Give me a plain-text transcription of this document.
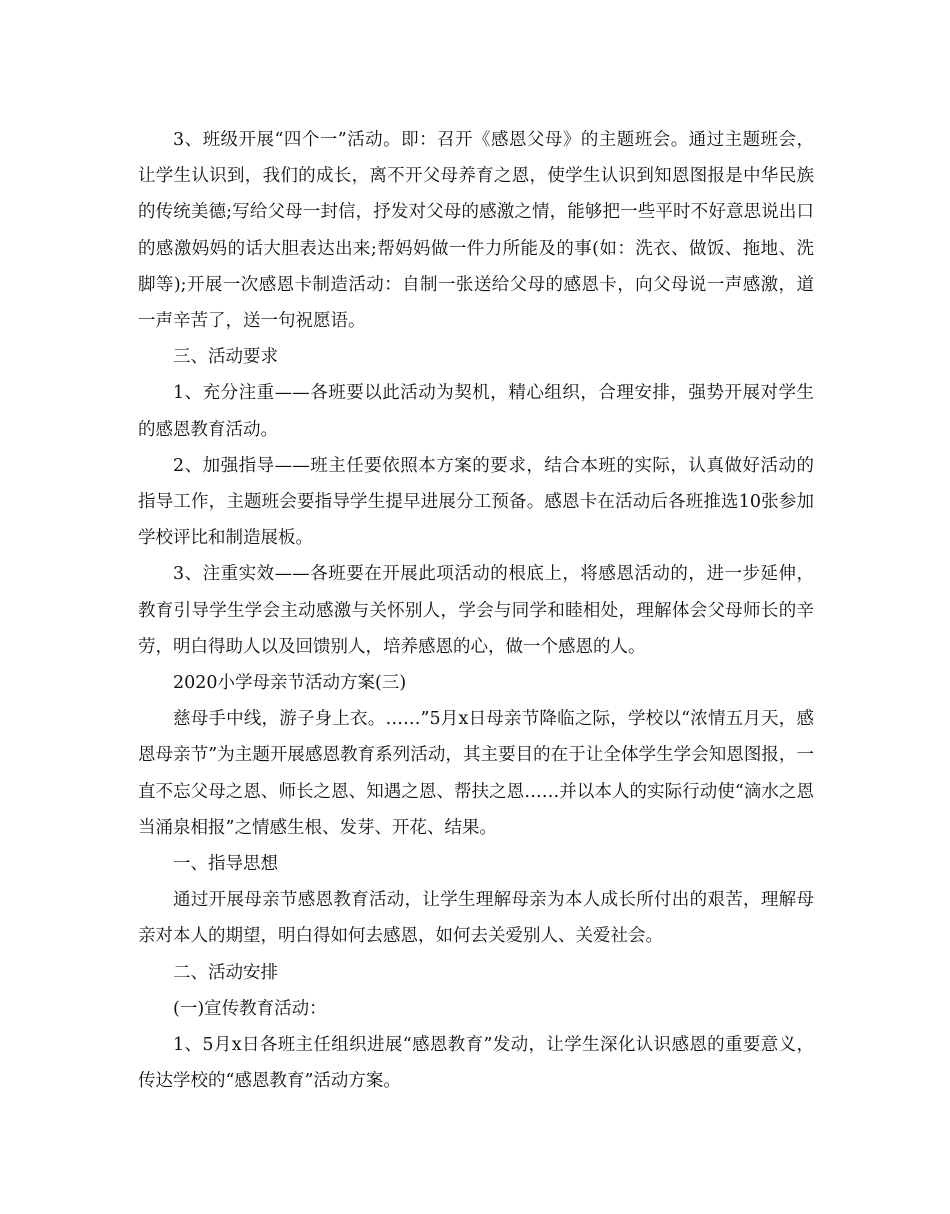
3、班级开展“四个一”活动。即：召开《感恩父母》的主题班会。通过主题班会，让学生认识到，我们的成长，离不开父母养育之恩，使学生认识到知恩图报是中华民族的传统美德;写给父母一封信，抒发对父母的感激之情，能够把一些平时不好意思说出口的感激妈妈的话大胆表达出来;帮妈妈做一件力所能及的事(如：洗衣、做饭、拖地、洗脚等);开展一次感恩卡制造活动：自制一张送给父母的感恩卡，向父母说一声感激，道一声辛苦了，送一句祝愿语。

三、活动要求

1、充分注重——各班要以此活动为契机，精心组织，合理安排，强势开展对学生的感恩教育活动。

2、加强指导——班主任要依照本方案的要求，结合本班的实际，认真做好活动的指导工作，主题班会要指导学生提早进展分工预备。感恩卡在活动后各班推选10张参加学校评比和制造展板。

3、注重实效——各班要在开展此项活动的根底上，将感恩活动的，进一步延伸，教育引导学生学会主动感激与关怀别人，学会与同学和睦相处，理解体会父母师长的辛劳，明白得助人以及回馈别人，培养感恩的心，做一个感恩的人。

2020小学母亲节活动方案(三)

慈母手中线，游子身上衣。……”5月x日母亲节降临之际，学校以“浓情五月天，感恩母亲节”为主题开展感恩教育系列活动，其主要目的在于让全体学生学会知恩图报，一直不忘父母之恩、师长之恩、知遇之恩、帮扶之恩……并以本人的实际行动使“滴水之恩当涌泉相报”之情感生根、发芽、开花、结果。

一、指导思想

通过开展母亲节感恩教育活动，让学生理解母亲为本人成长所付出的艰苦，理解母亲对本人的期望，明白得如何去感恩，如何去关爱别人、关爱社会。

二、活动安排

(一)宣传教育活动：

1、5月x日各班主任组织进展“感恩教育”发动，让学生深化认识感恩的重要意义，传达学校的“感恩教育”活动方案。
